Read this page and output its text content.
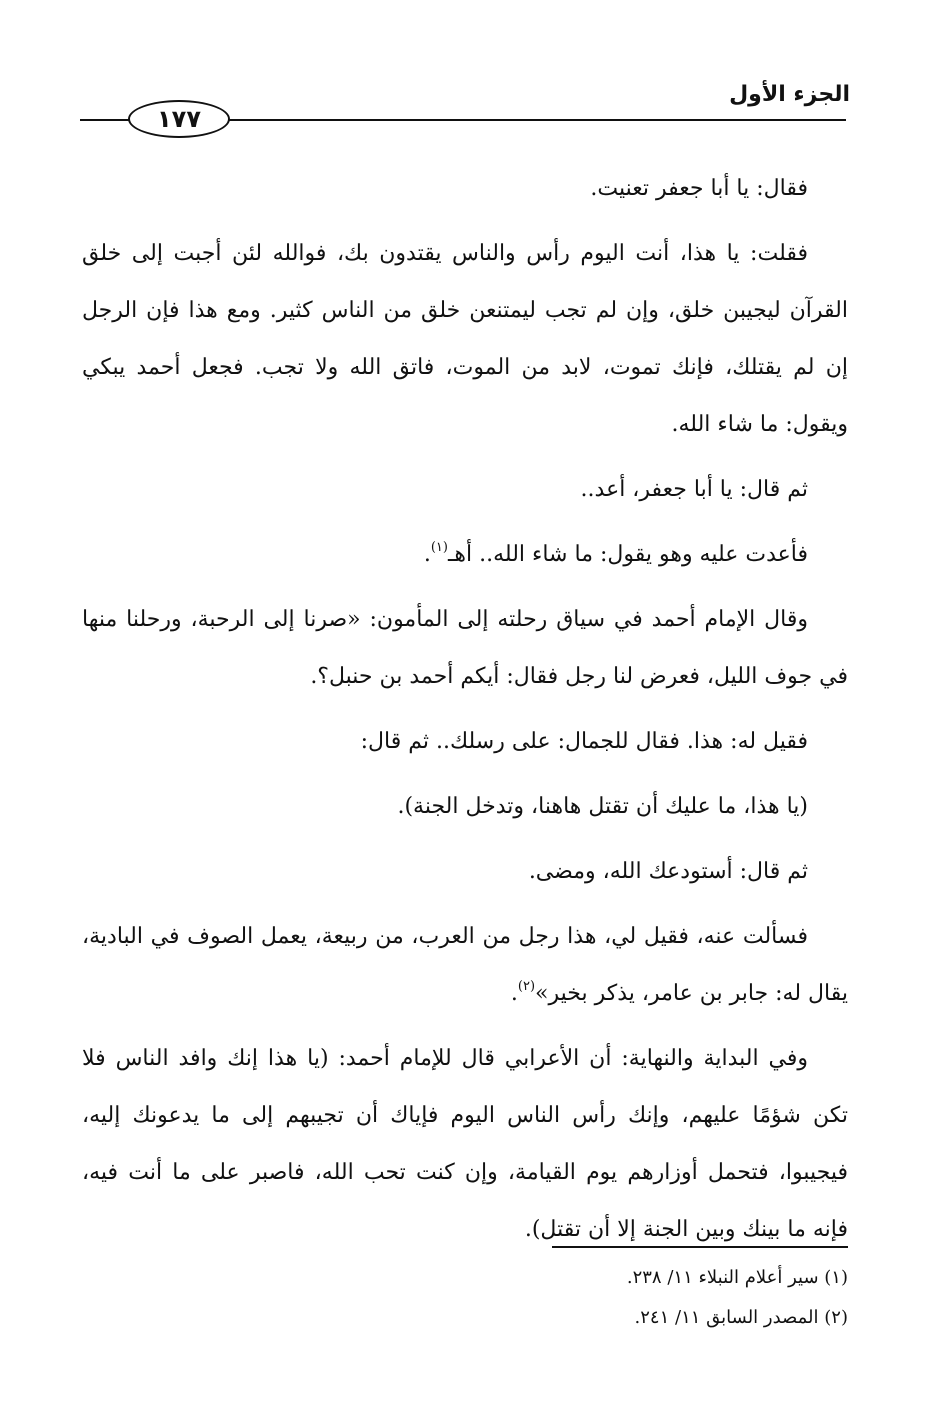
الجزء الأول
١٧٧

فقال: يا أبا جعفر تعنيت.

فقلت: يا هذا، أنت اليوم رأس والناس يقتدون بك، فوالله لئن أجبت إلى خلق القرآن ليجيبن خلق، وإن لم تجب ليمتنعن خلق من الناس كثير. ومع هذا فإن الرجل إن لم يقتلك، فإنك تموت، لابد من الموت، فاتق الله ولا تجب. فجعل أحمد يبكي ويقول: ما شاء الله.

ثم قال: يا أبا جعفر، أعد..

فأعدت عليه وهو يقول: ما شاء الله.. أهـ$^{(١)}$.

وقال الإمام أحمد في سياق رحلته إلى المأمون: «صرنا إلى الرحبة، ورحلنا منها في جوف الليل، فعرض لنا رجل فقال: أيكم أحمد بن حنبل؟.

فقيل له: هذا. فقال للجمال: على رسلك.. ثم قال:

(يا هذا، ما عليك أن تقتل هاهنا، وتدخل الجنة).

ثم قال: أستودعك الله، ومضى.

فسألت عنه، فقيل لي، هذا رجل من العرب، من ربيعة، يعمل الصوف في البادية، يقال له: جابر بن عامر، يذكر بخير»$^{(٢)}$.

وفي البداية والنهاية: أن الأعرابي قال للإمام أحمد: (يا هذا إنك وافد الناس فلا تكن شؤمًا عليهم، وإنك رأس الناس اليوم فإياك أن تجيبهم إلى ما يدعونك إليه، فيجيبوا، فتحمل أوزارهم يوم القيامة، وإن كنت تحب الله، فاصبر على ما أنت فيه، فإنه ما بينك وبين الجنة إلا أن تقتل).

(١) سير أعلام النبلاء ١١/ ٢٣٨.

(٢) المصدر السابق ١١/ ٢٤١.
